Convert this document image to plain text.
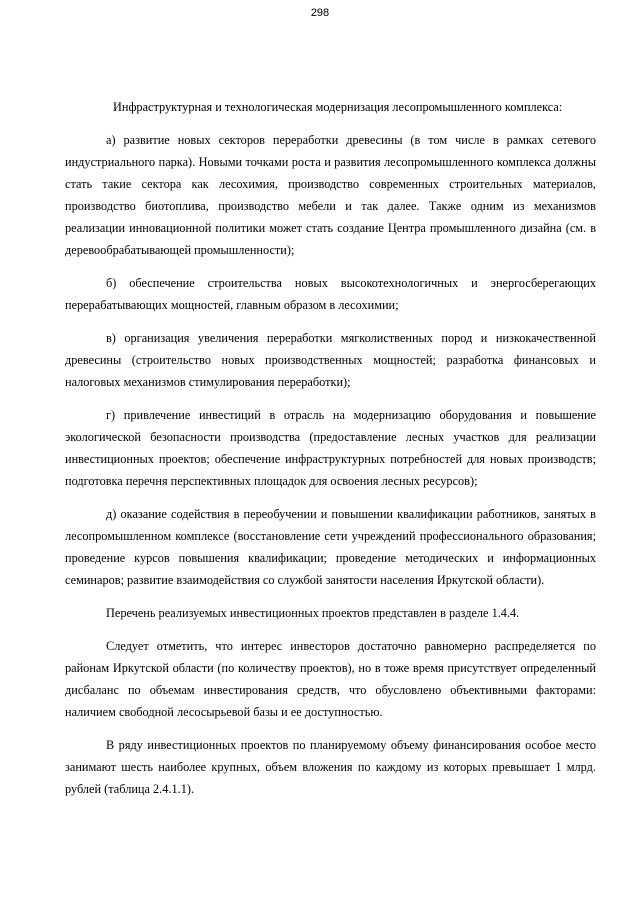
298
Инфраструктурная и технологическая модернизация лесопромышленного комплекса:

а) развитие новых секторов переработки древесины (в том числе в рамках сетевого индустриального парка). Новыми точками роста и развития лесопромышленного комплекса должны стать такие сектора как лесохимия, производство современных строительных материалов, производство биотоплива, производство мебели и так далее. Также одним из механизмов реализации инновационной политики может стать создание Центра промышленного дизайна (см. в деревообрабатывающей промышленности);

б) обеспечение строительства новых высокотехнологичных и энергосберегающих перерабатывающих мощностей, главным образом в лесохимии;

в) организация увеличения переработки мягколиственных пород и низкокачественной древесины (строительство новых производственных мощностей; разработка финансовых и налоговых механизмов стимулирования переработки);

г) привлечение инвестиций в отрасль на модернизацию оборудования и повышение экологической безопасности производства (предоставление лесных участков для реализации инвестиционных проектов; обеспечение инфраструктурных потребностей для новых производств; подготовка перечня перспективных площадок для освоения лесных ресурсов);

д) оказание содействия в переобучении и повышении квалификации работников, занятых в лесопромышленном комплексе (восстановление сети учреждений профессионального образования; проведение курсов повышения квалификации; проведение методических и информационных семинаров; развитие взаимодействия со службой занятости населения Иркутской области).

Перечень реализуемых инвестиционных проектов представлен в разделе 1.4.4.

Следует отметить, что интерес инвесторов достаточно равномерно распределяется по районам Иркутской области (по количеству проектов), но в тоже время присутствует определенный дисбаланс по объемам инвестирования средств, что обусловлено объективными факторами: наличием свободной лесосырьевой базы и ее доступностью.

В ряду инвестиционных проектов по планируемому объему финансирования особое место занимают шесть наиболее крупных, объем вложения по каждому из которых превышает 1 млрд. рублей (таблица 2.4.1.1).
